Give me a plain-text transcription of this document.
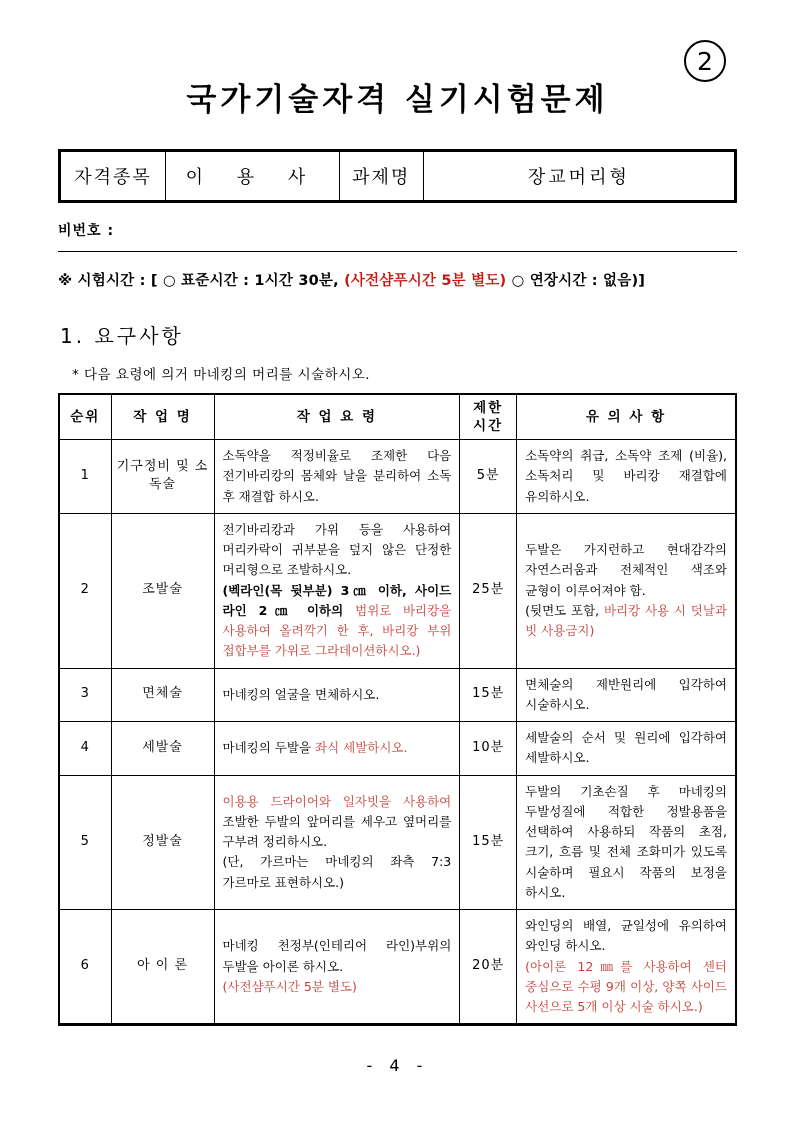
2
국가기술자격 실기시험문제
자격종목	이 용 사	과제명	장교머리형
비번호 :
※ 시험시간 : [ ○ 표준시간 : 1시간 30분, (사전샴푸시간 5분 별도) ○ 연장시간 : 없음)]
1. 요구사항
* 다음 요령에 의거 마네킹의 머리를 시술하시오.
순위	작 업 명	작 업 요 령	제한
시간	유 의 사 항
1	기구정비 및 소독술	소독약을 적정비율로 조제한 다음 전기바리캉의 몸체와 날을 분리하여 소독 후 재결합 하시오.	5분	소독약의 취급, 소독약 조제 (비율), 소독처리 및 바리캉 재결합에 유의하시오.
2	조발술	전기바리캉과 가위 등을 사용하여 머리카락이 귀부분을 덮지 않은 단정한 머리형으로 조발하시오.
(벡라인(목 뒷부분) 3㎝ 이하, 사이드 라인 2㎝ 이하의 범위로 바리캉을 사용하여 올려깍기 한 후, 바리캉 부위 접합부를 가위로 그라데이션하시오.)	25분	두발은 가지런하고 현대감각의 자연스러움과 전체적인 색조와 균형이 이루어져야 함.
(뒷면도 포함, 바리캉 사용 시 덧날과 빗 사용금지)
3	면체술	마네킹의 얼굴을 면체하시오.	15분	면체술의 제반원리에 입각하여 시술하시오.
4	세발술	마네킹의 두발을 좌식 세발하시오.	10분	세발술의 순서 및 원리에 입각하여 세발하시오.
5	정발술	이용용 드라이어와 일자빗을 사용하여 조발한 두발의 앞머리를 세우고 옆머리를 구부려 정리하시오.
(단, 가르마는 마네킹의 좌측 7:3 가르마로 표현하시오.)	15분	두발의 기초손질 후 마네킹의 두발성질에 적합한 정발용품을 선택하여 사용하되 작품의 초점, 크기, 흐름 및 전체 조화미가 있도록 시술하며 필요시 작품의 보정을 하시오.
6	아 이 론	마네킹 천정부(인테리어 라인)부위의 두발을 아이론 하시오.
(사전샴푸시간 5분 별도)	20분	와인딩의 배열, 균일성에 유의하여 와인딩 하시오.
(아이론 12㎜를 사용하여 센터 중심으로 수평 9개 이상, 양쪽 사이드 사선으로 5개 이상 시술 하시오.)
- 4 -
